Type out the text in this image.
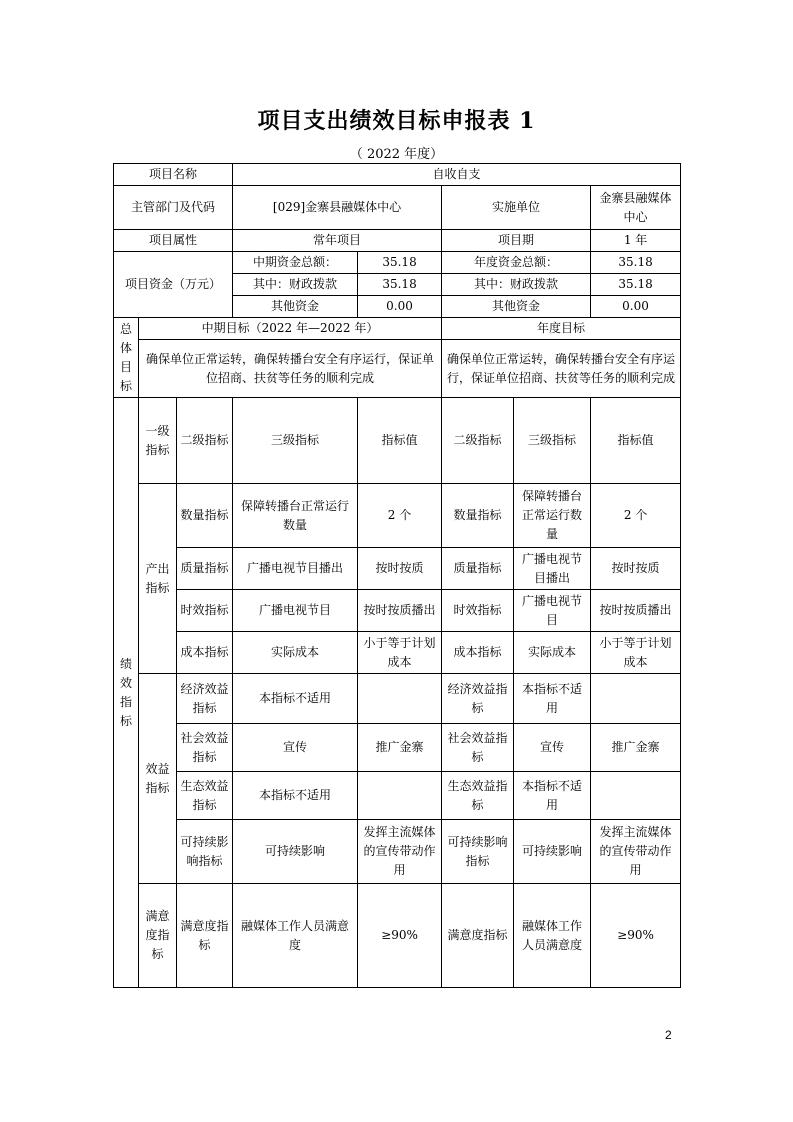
项目支出绩效目标申报表 1
（ 2022 年度）
项目名称			自收自支				
主管部门及代码			[029]金寨县融媒体中心		实施单位		金寨县融媒体中心
项目属性			常年项目		项目期		1 年
项目资金（万元）			中期资金总额：	35.18	年度资金总额：		35.18
			其中：财政拨款	35.18	其中：财政拨款		35.18
			其他资金	0.00	其他资金		0.00
总体目标	中期目标（2022 年—2022 年）				年度目标		
	确保单位正常运转，确保转播台安全有序运行，保证单位招商、扶贫等任务的顺利完成				确保单位正常运转，确保转播台安全有序运行，保证单位招商、扶贫等任务的顺利完成		
绩效指标	一级指标	二级指标	三级指标	指标值	二级指标	三级指标	指标值
	产出指标	数量指标	保障转播台正常运行数量	2 个	数量指标	保障转播台正常运行数量	2 个
		质量指标	广播电视节目播出	按时按质	质量指标	广播电视节目播出	按时按质
		时效指标	广播电视节目	按时按质播出	时效指标	广播电视节目	按时按质播出
		成本指标	实际成本	小于等于计划成本	成本指标	实际成本	小于等于计划成本
	效益指标	经济效益指标	本指标不适用		经济效益指标	本指标不适用	
		社会效益指标	宣传	推广金寨	社会效益指标	宣传	推广金寨
		生态效益指标	本指标不适用		生态效益指标	本指标不适用	
		可持续影响指标	可持续影响	发挥主流媒体的宣传带动作用	可持续影响指标	可持续影响	发挥主流媒体的宣传带动作用
	满意度指标	满意度指标	融媒体工作人员满意度	≥90%	满意度指标	融媒体工作人员满意度	≥90%
2
